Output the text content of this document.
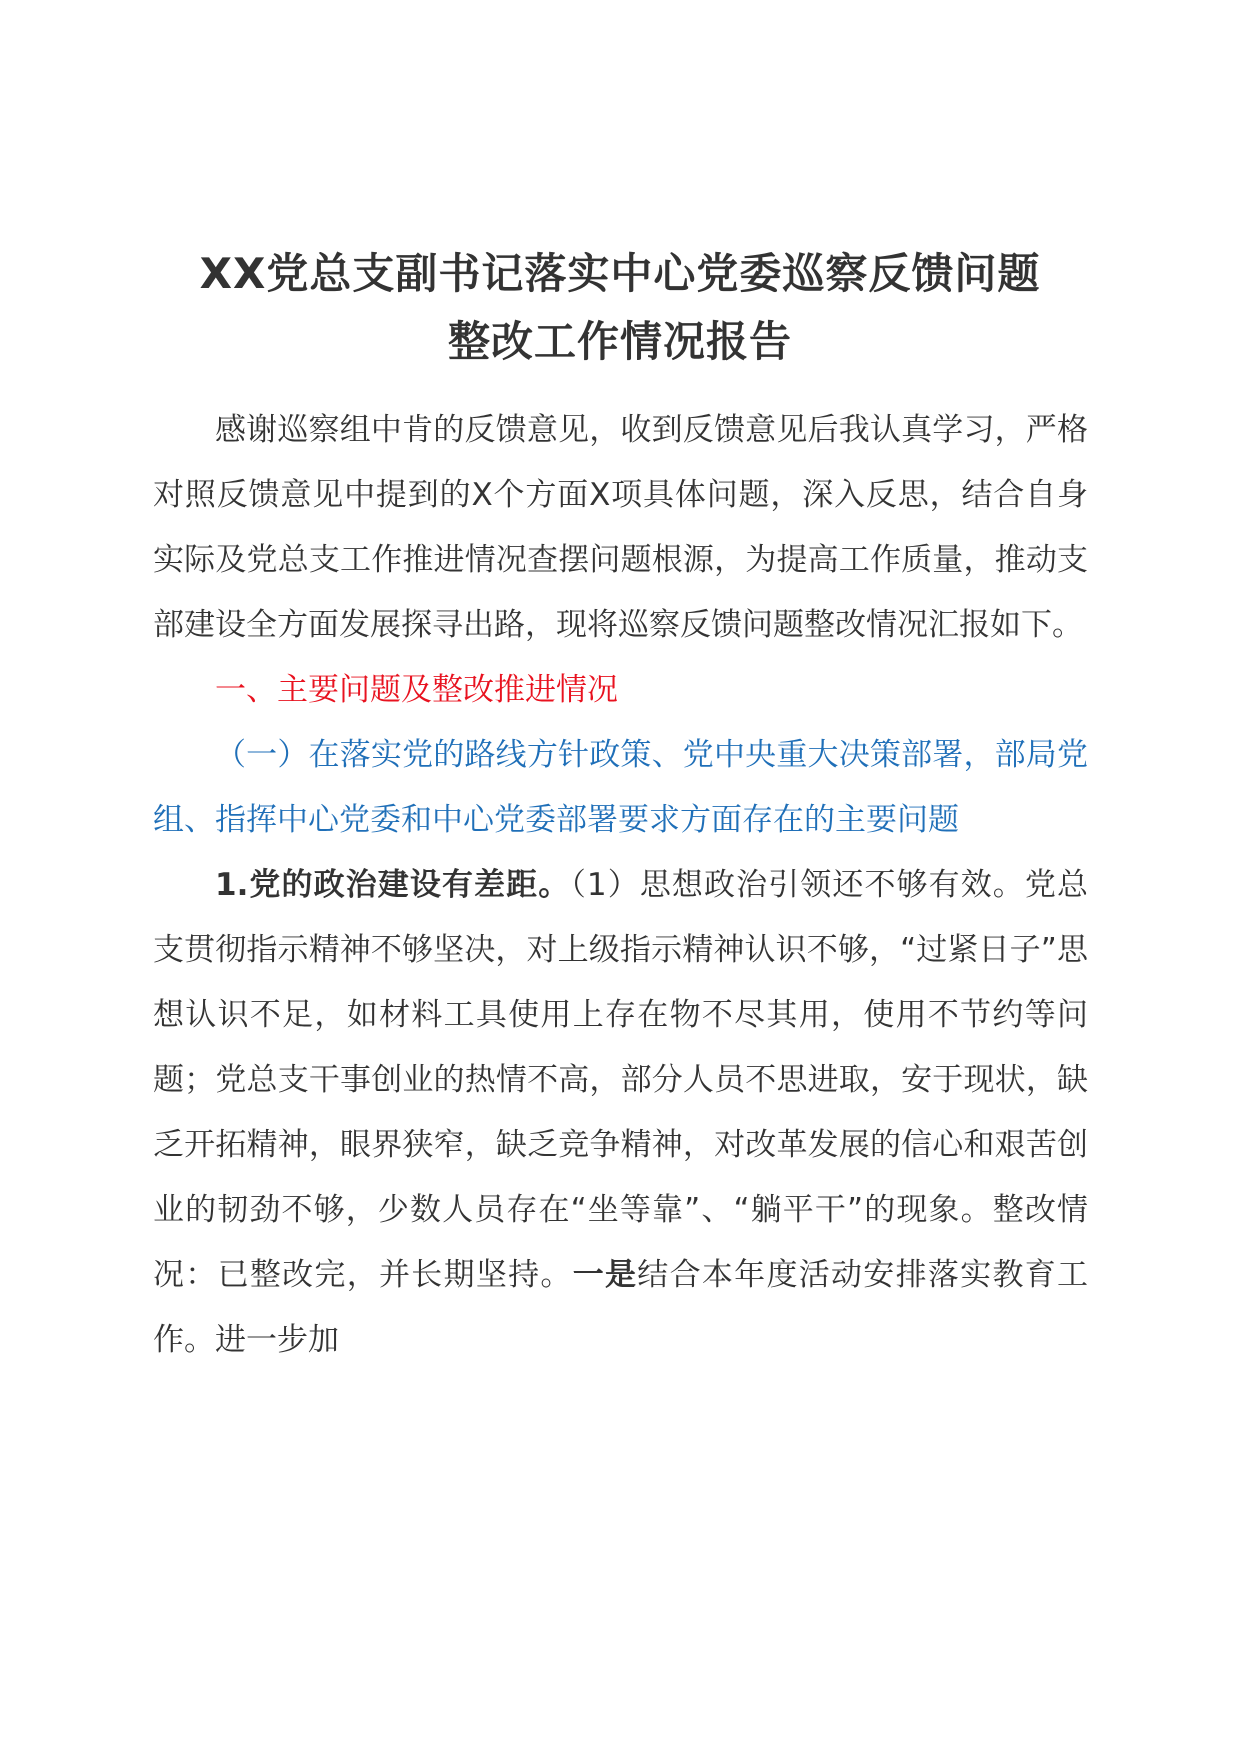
XX党总支副书记落实中心党委巡察反馈问题
整改工作情况报告

感谢巡察组中肯的反馈意见，收到反馈意见后我认真学习，严格对照反馈意见中提到的X个方面X项具体问题，深入反思，结合自身实际及党总支工作推进情况查摆问题根源，为提高工作质量，推动支部建设全方面发展探寻出路，现将巡察反馈问题整改情况汇报如下。

一、主要问题及整改推进情况

（一）在落实党的路线方针政策、党中央重大决策部署，部局党组、指挥中心党委和中心党委部署要求方面存在的主要问题

1.党的政治建设有差距。（1）思想政治引领还不够有效。党总支贯彻指示精神不够坚决，对上级指示精神认识不够，“过紧日子”思想认识不足，如材料工具使用上存在物不尽其用，使用不节约等问题；党总支干事创业的热情不高，部分人员不思进取，安于现状，缺乏开拓精神，眼界狭窄，缺乏竞争精神，对改革发展的信心和艰苦创业的韧劲不够，少数人员存在“坐等靠”、“躺平干”的现象。整改情况：已整改完，并长期坚持。一是结合本年度活动安排落实教育工作。进一步加
